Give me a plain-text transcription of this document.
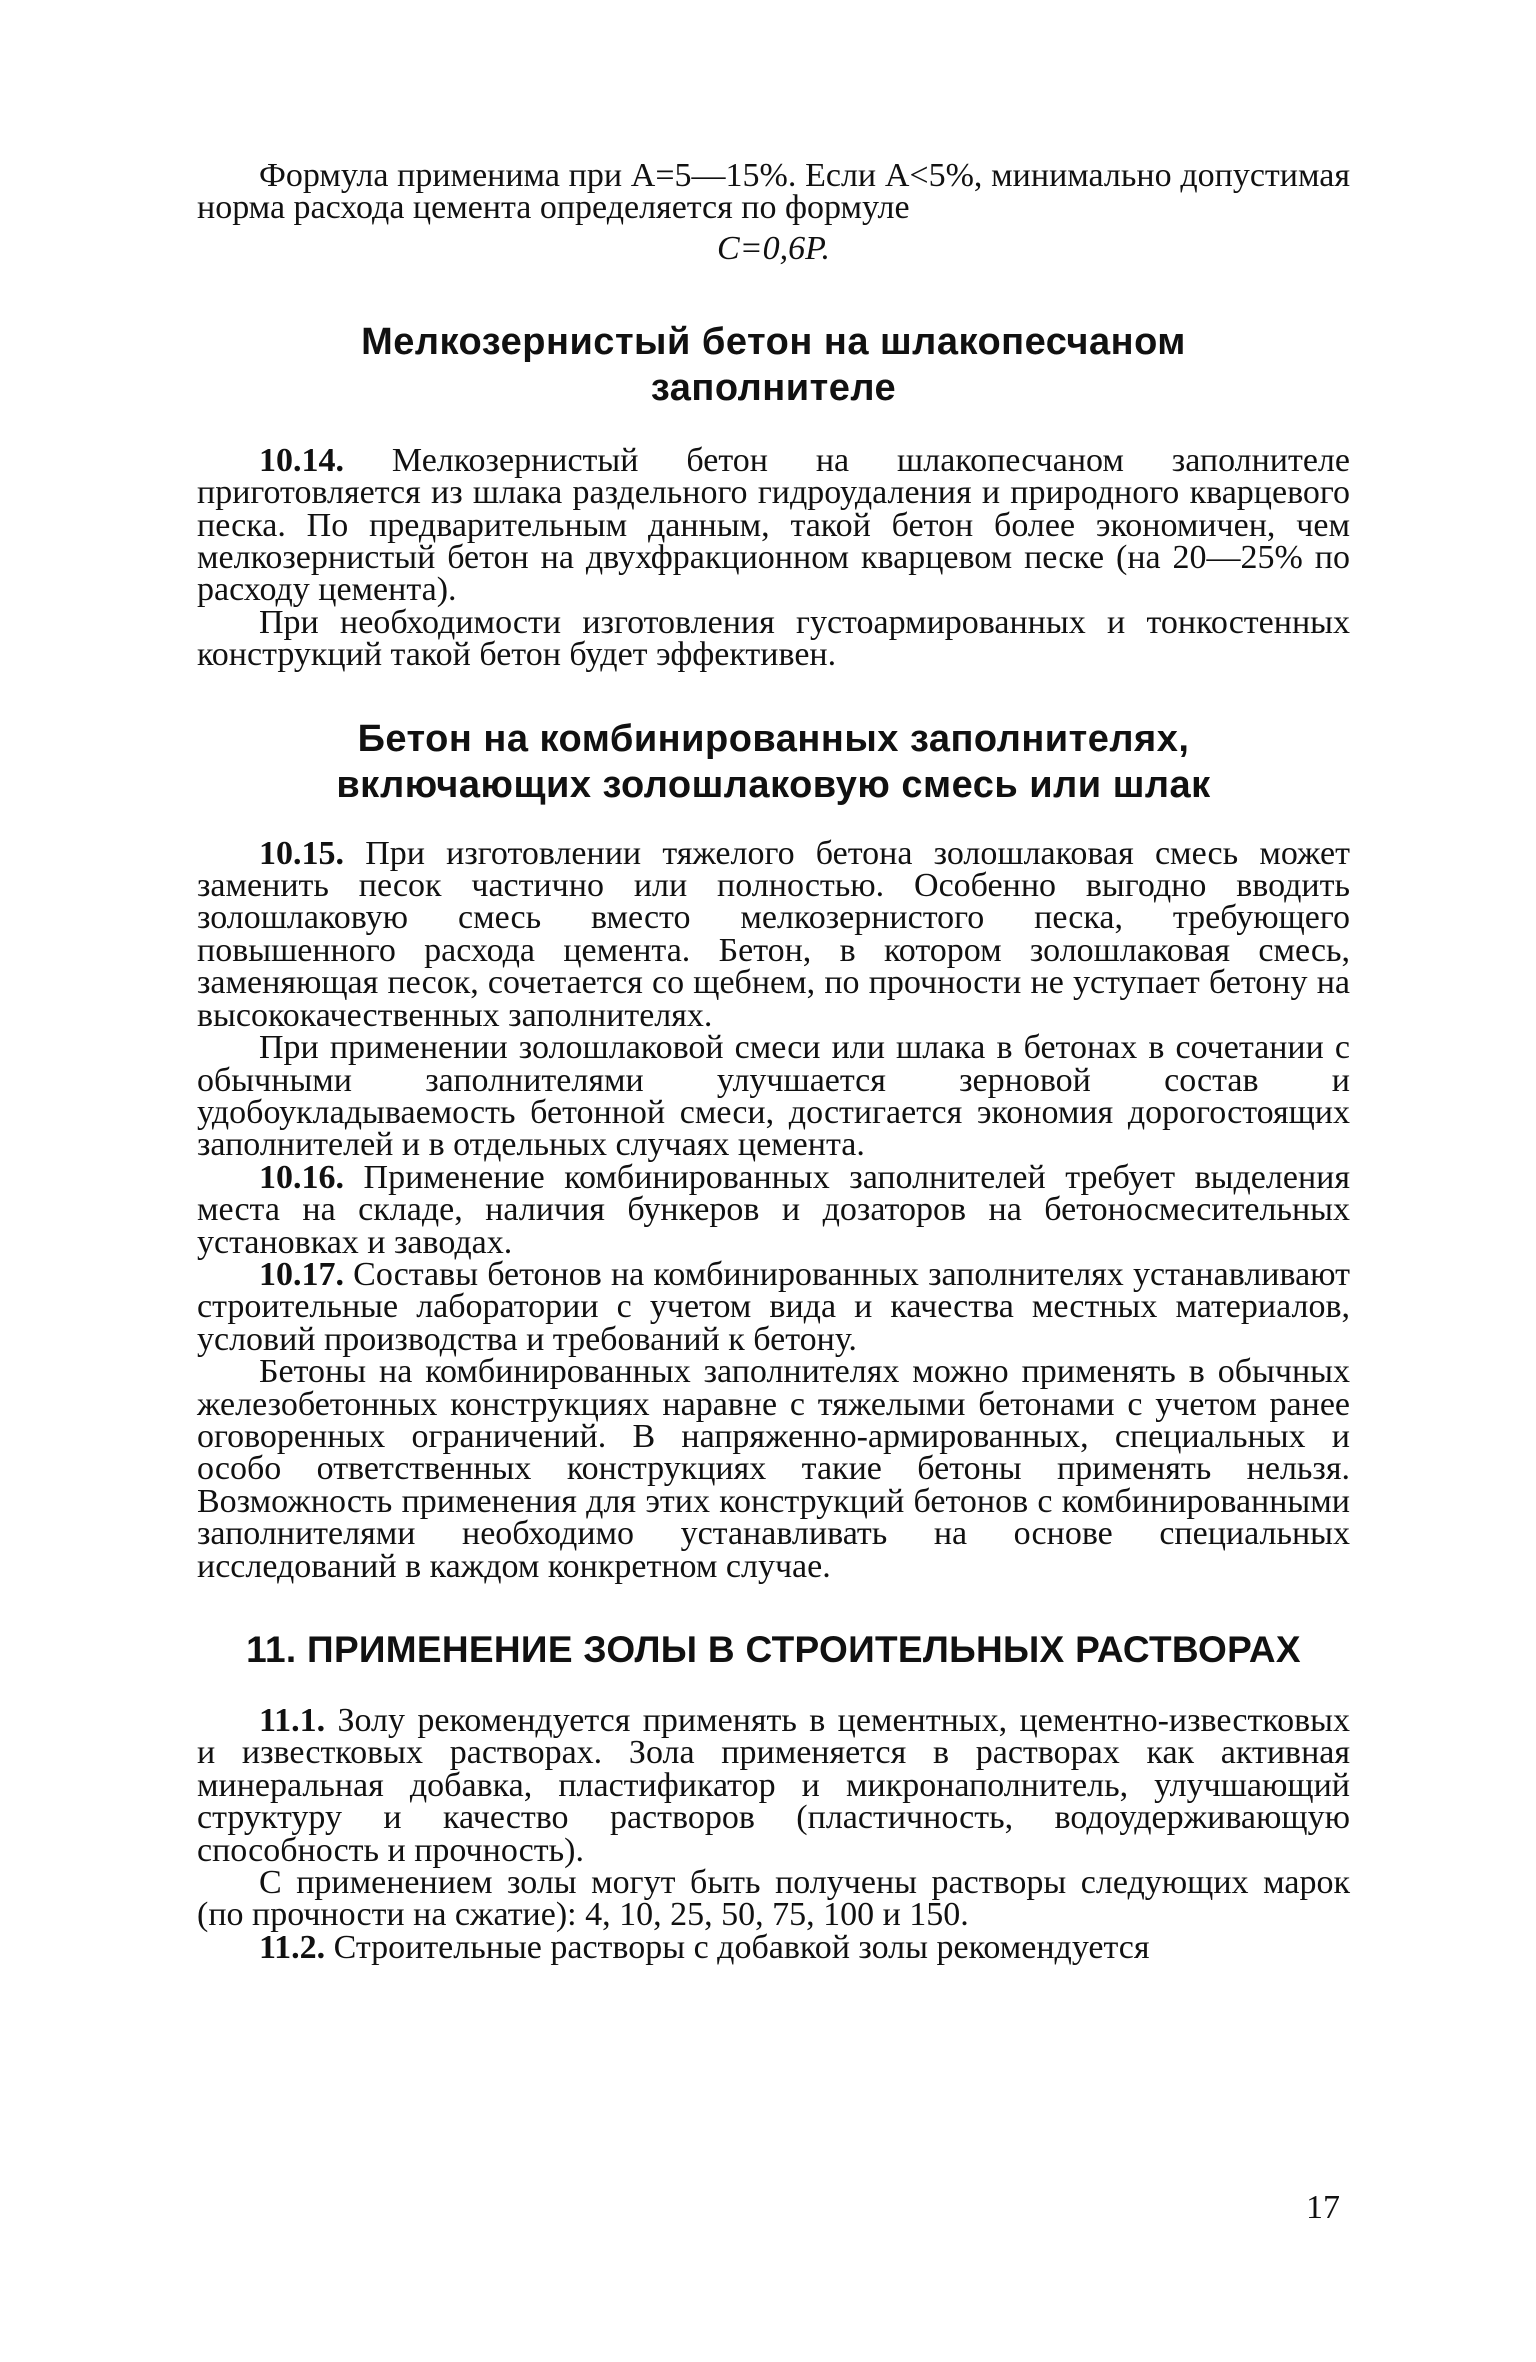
Формула применима при A=5—15%. Если A<5%, минимально допустимая норма расхода цемента определяется по формуле

C=0,6P.

Мелкозернистый бетон на шлакопесчаном
заполнителе

10.14. Мелкозернистый бетон на шлакопесчаном заполнителе приготовляется из шлака раздельного гидроудаления и природного кварцевого песка. По предварительным данным, такой бетон более экономичен, чем мелкозернистый бетон на двухфракционном кварцевом песке (на 20—25% по расходу цемента).

При необходимости изготовления густоармированных и тонкостенных конструкций такой бетон будет эффективен.

Бетон на комбинированных заполнителях,
включающих золошлаковую смесь или шлак

10.15. При изготовлении тяжелого бетона золошлаковая смесь может заменить песок частично или полностью. Особенно выгодно вводить золошлаковую смесь вместо мелкозернистого песка, требующего повышенного расхода цемента. Бетон, в котором золошлаковая смесь, заменяющая песок, сочетается со щебнем, по прочности не уступает бетону на высококачественных заполнителях.

При применении золошлаковой смеси или шлака в бетонах в сочетании с обычными заполнителями улучшается зерновой состав и удобоукладываемость бетонной смеси, достигается экономия дорогостоящих заполнителей и в отдельных случаях цемента.

10.16. Применение комбинированных заполнителей требует выделения места на складе, наличия бункеров и дозаторов на бетоносмесительных установках и заводах.

10.17. Составы бетонов на комбинированных заполнителях устанавливают строительные лаборатории с учетом вида и качества местных материалов, условий производства и требований к бетону.

Бетоны на комбинированных заполнителях можно применять в обычных железобетонных конструкциях наравне с тяжелыми бетонами с учетом ранее оговоренных ограничений. В напряженно-армированных, специальных и особо ответственных конструкциях такие бетоны применять нельзя. Возможность применения для этих конструкций бетонов с комбинированными заполнителями необходимо устанавливать на основе специальных исследований в каждом конкретном случае.

11. ПРИМЕНЕНИЕ ЗОЛЫ В СТРОИТЕЛЬНЫХ РАСТВОРАХ

11.1. Золу рекомендуется применять в цементных, цементно-известковых и известковых растворах. Зола применяется в растворах как активная минеральная добавка, пластификатор и микронаполнитель, улучшающий структуру и качество растворов (пластичность, водоудерживающую способность и прочность).

С применением золы могут быть получены растворы следующих марок (по прочности на сжатие): 4, 10, 25, 50, 75, 100 и 150.

11.2. Строительные растворы с добавкой золы рекомендуется

17
